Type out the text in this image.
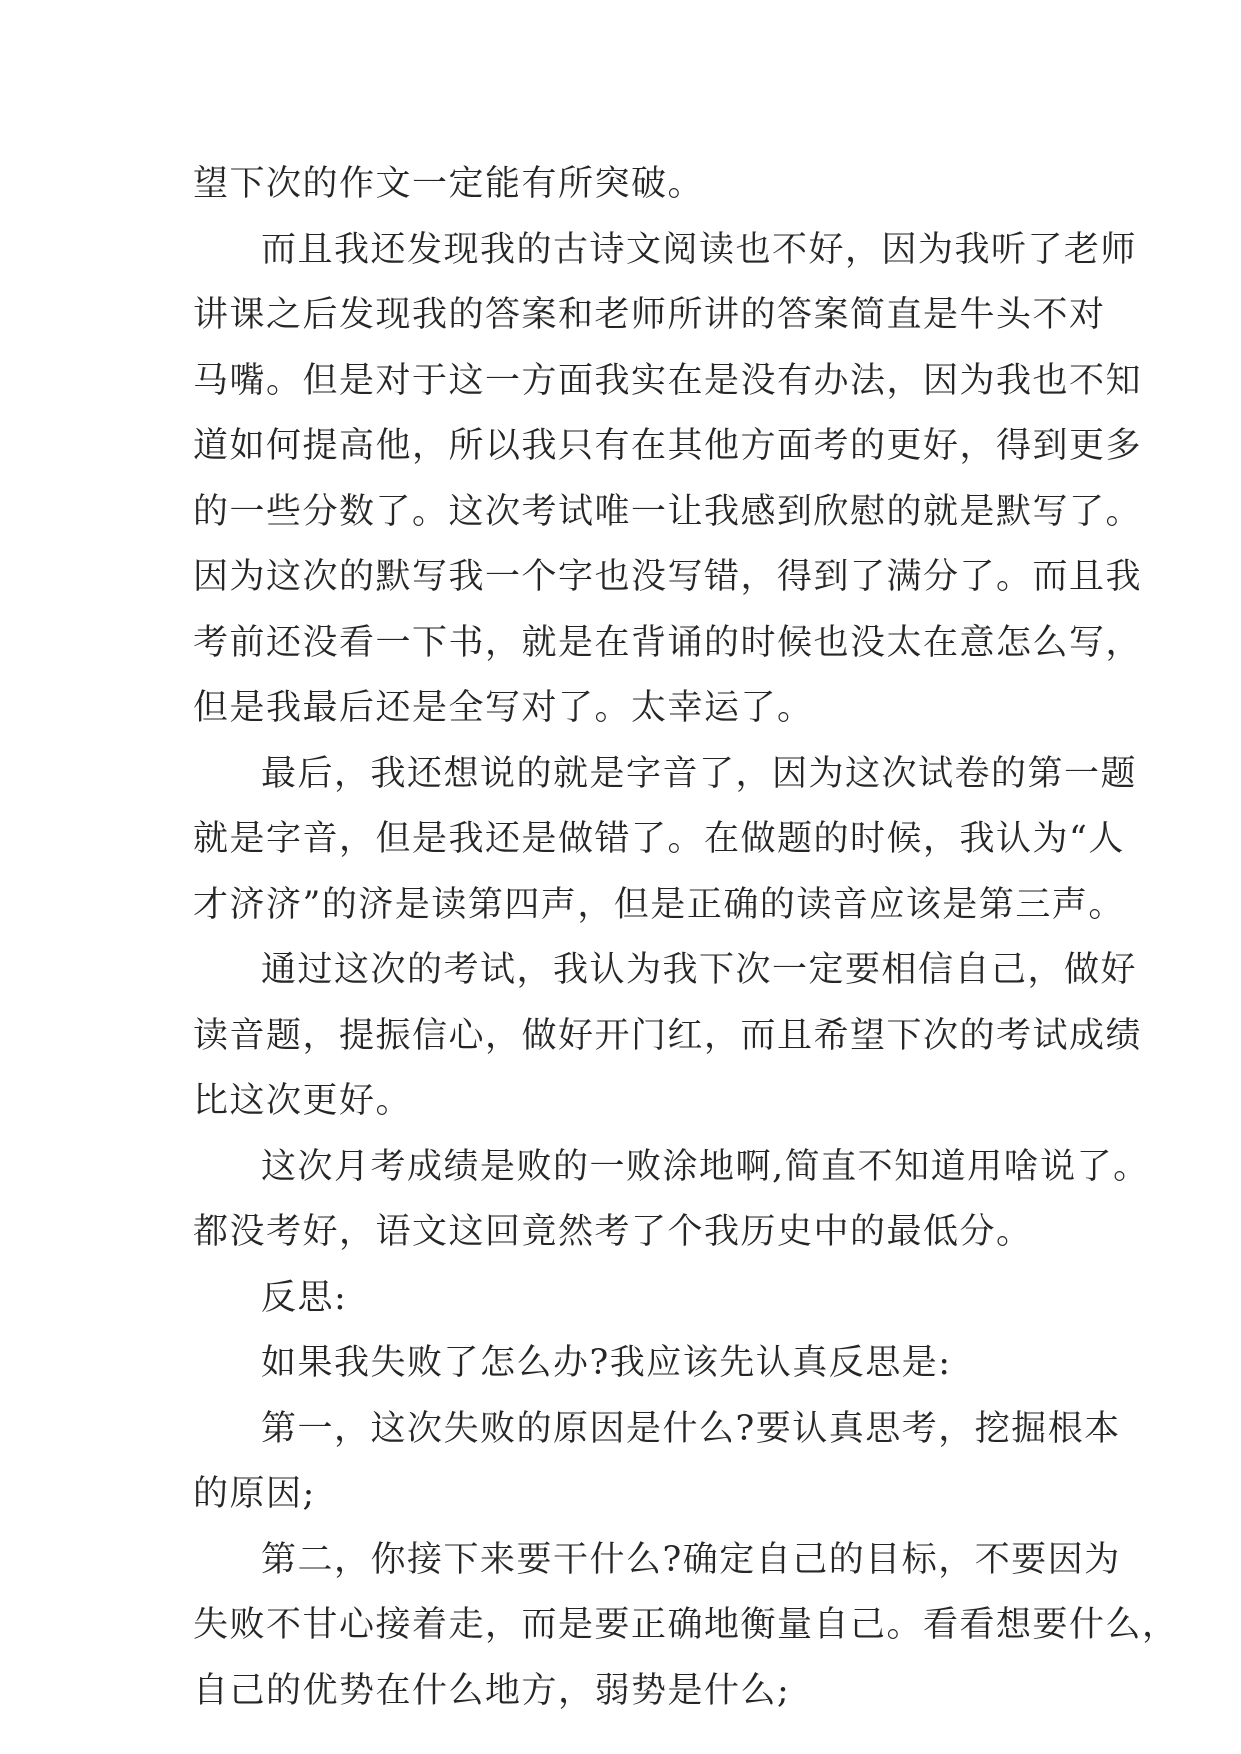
望下次的作文一定能有所突破。
而且我还发现我的古诗文阅读也不好，因为我听了老师
讲课之后发现我的答案和老师所讲的答案简直是牛头不对
马嘴。但是对于这一方面我实在是没有办法，因为我也不知
道如何提高他，所以我只有在其他方面考的更好，得到更多
的一些分数了。这次考试唯一让我感到欣慰的就是默写了。
因为这次的默写我一个字也没写错，得到了满分了。而且我
考前还没看一下书，就是在背诵的时候也没太在意怎么写，
但是我最后还是全写对了。太幸运了。
最后，我还想说的就是字音了，因为这次试卷的第一题
就是字音，但是我还是做错了。在做题的时候，我认为“人
才济济”的济是读第四声，但是正确的读音应该是第三声。
通过这次的考试，我认为我下次一定要相信自己，做好
读音题，提振信心，做好开门红，而且希望下次的考试成绩
比这次更好。
这次月考成绩是败的一败涂地啊,简直不知道用啥说了。
都没考好，语文这回竟然考了个我历史中的最低分。
反思:
如果我失败了怎么办?我应该先认真反思是:
第一，这次失败的原因是什么?要认真思考，挖掘根本
的原因;
第二，你接下来要干什么?确定自己的目标，不要因为
失败不甘心接着走，而是要正确地衡量自己。看看想要什么，
自己的优势在什么地方，弱势是什么;
